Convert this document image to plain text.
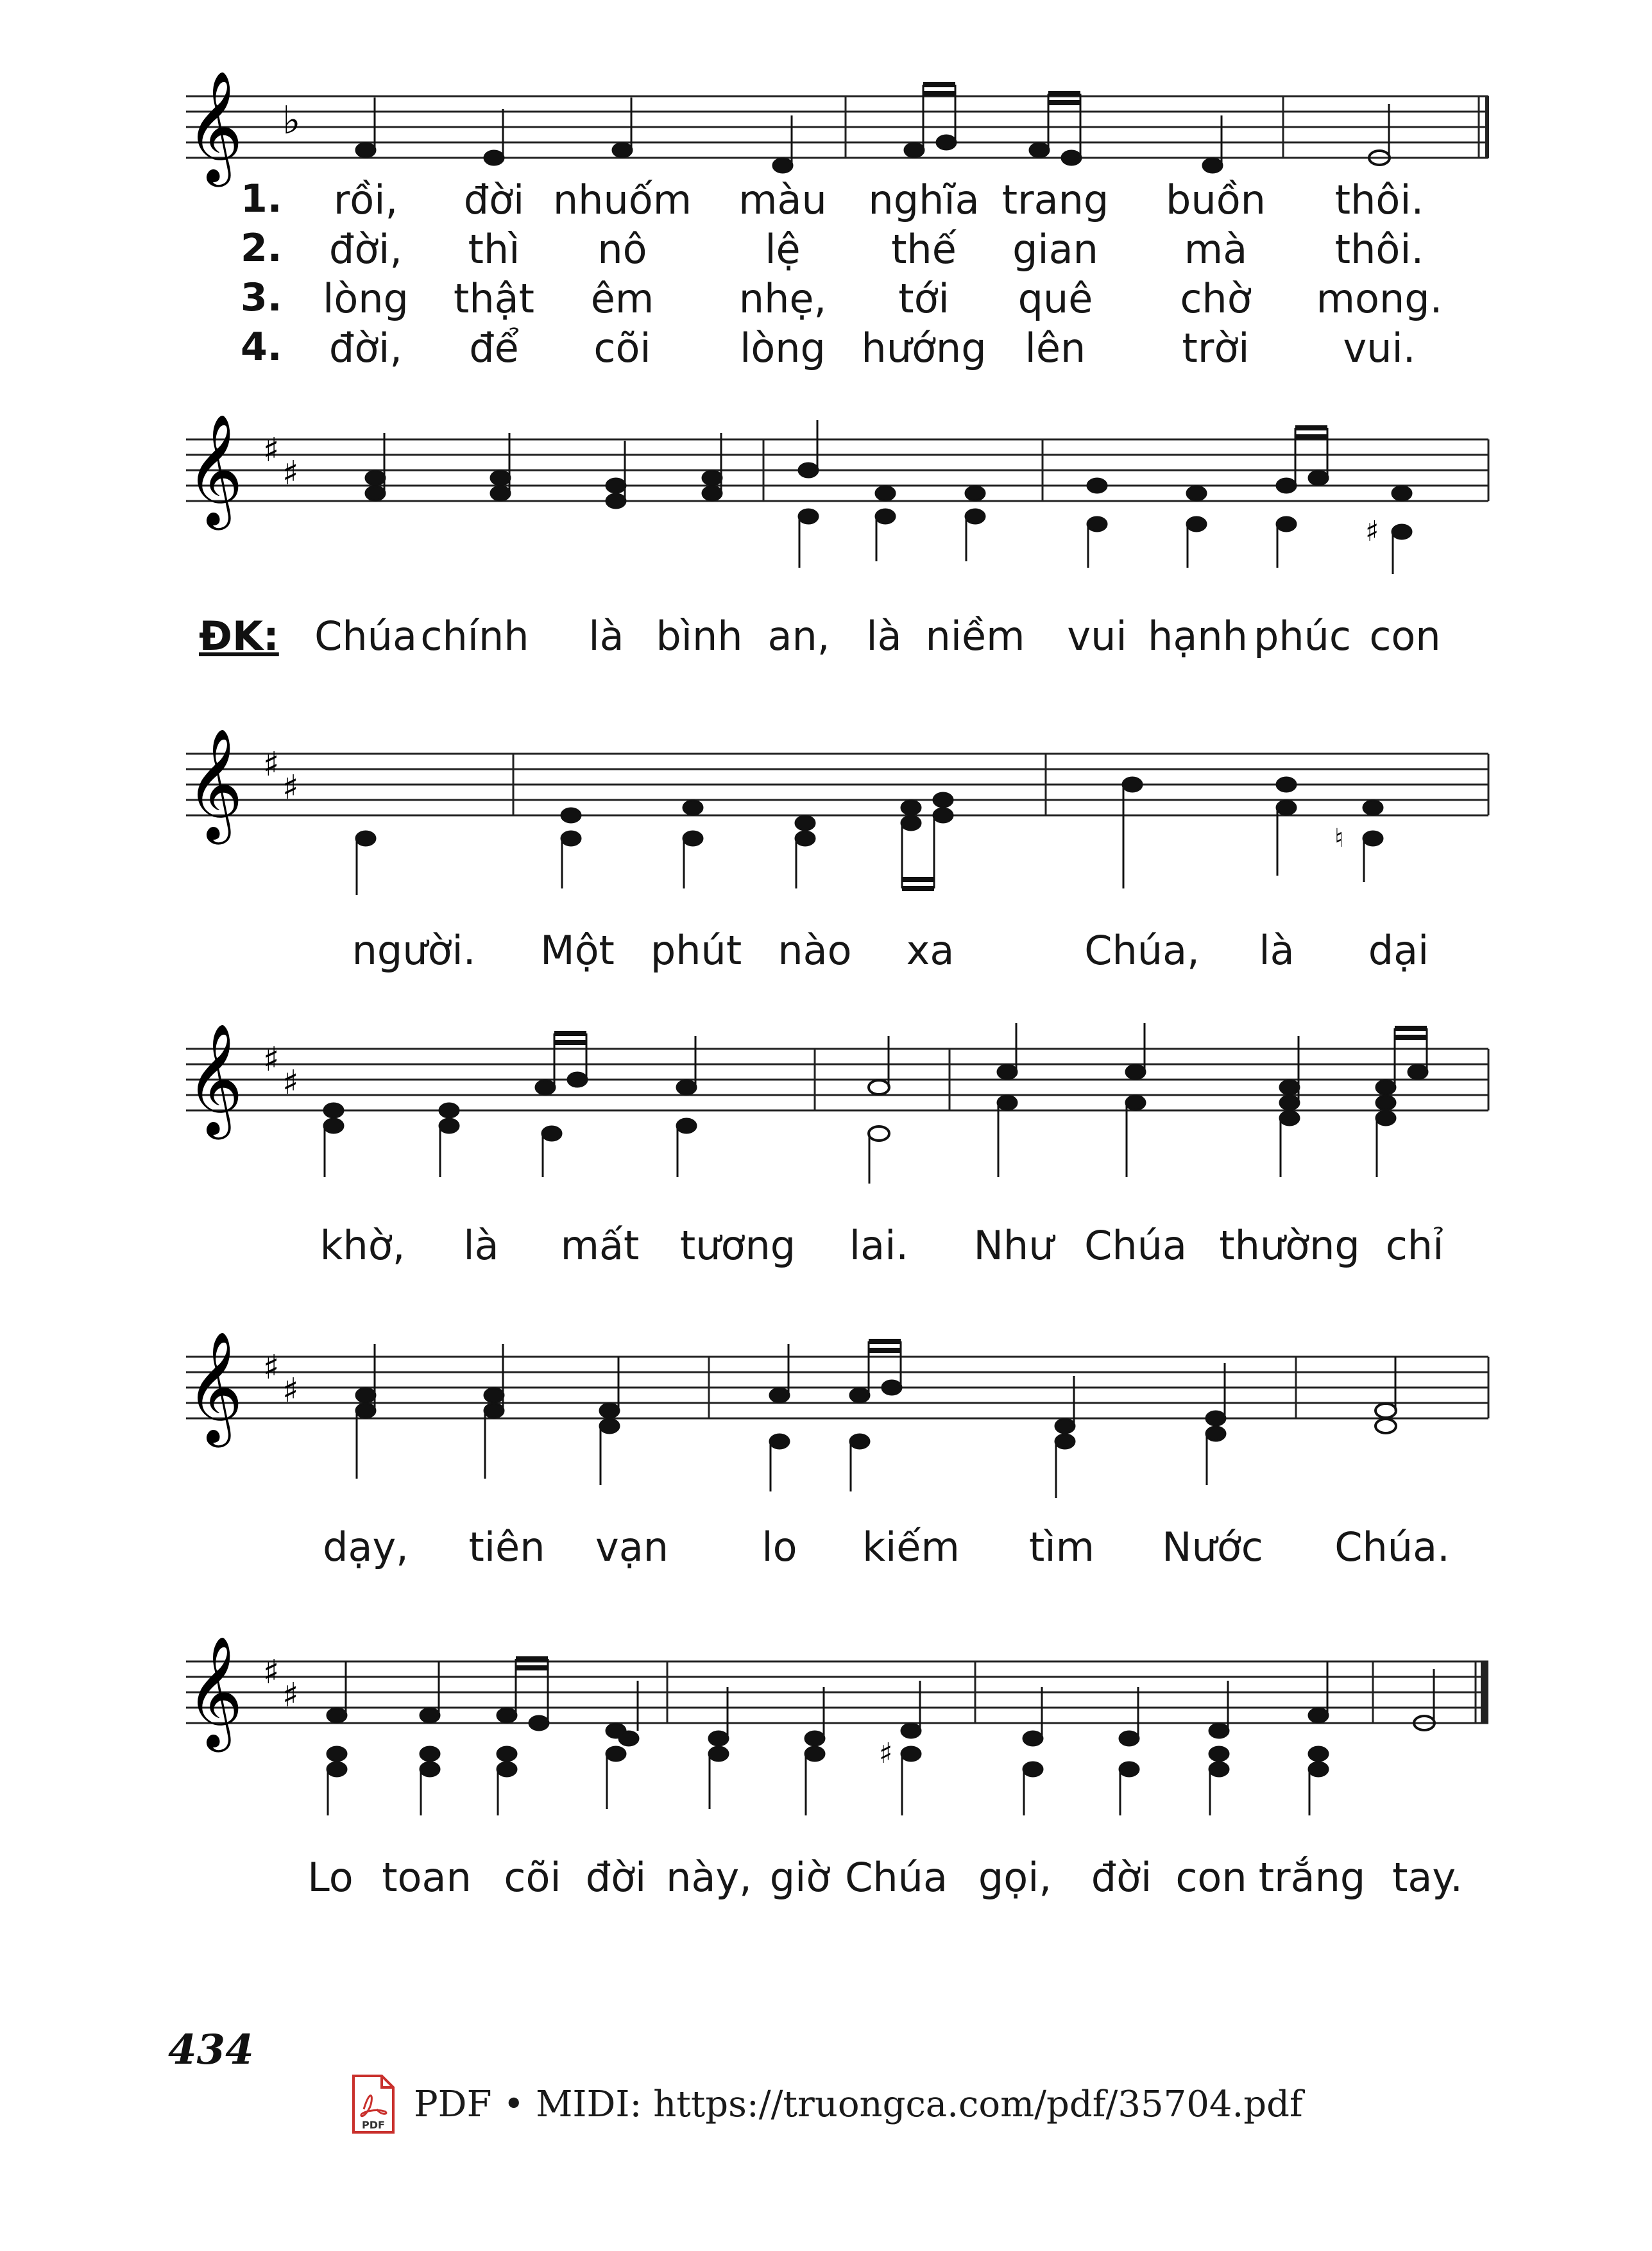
𝄞 ♭
1. rồi, đời nhuốm màu nghĩa trang buồn thôi.
2. đời, thì nô	lệ thế gian mà thôi.
3. lòng thật êm nhẹ, tới quê chờ mong.
4. đời, để cõi lòng hướng lên trời vui.
𝄞 ♯
♯
♯
ĐK: Chúa chính là bình an, là niềm vui hạnh phúc con
𝄞 ♯
♯
♮
người. Một phút nào xa	Chúa, là dại
𝄞 ♯
♯
khờ, là mất tương lai. Như Chúa thường chỉ
𝄞 ♯
♯
dạy, tiên vạn lo kiếm tìm Nước Chúa.
𝄞 ♯
♯
♯
Lo toan cõi đời này, giờ Chúa gọi, đời con trắng tay.
434
PDF PDF • MIDI: https://truongca.com/pdf/35704.pdf
